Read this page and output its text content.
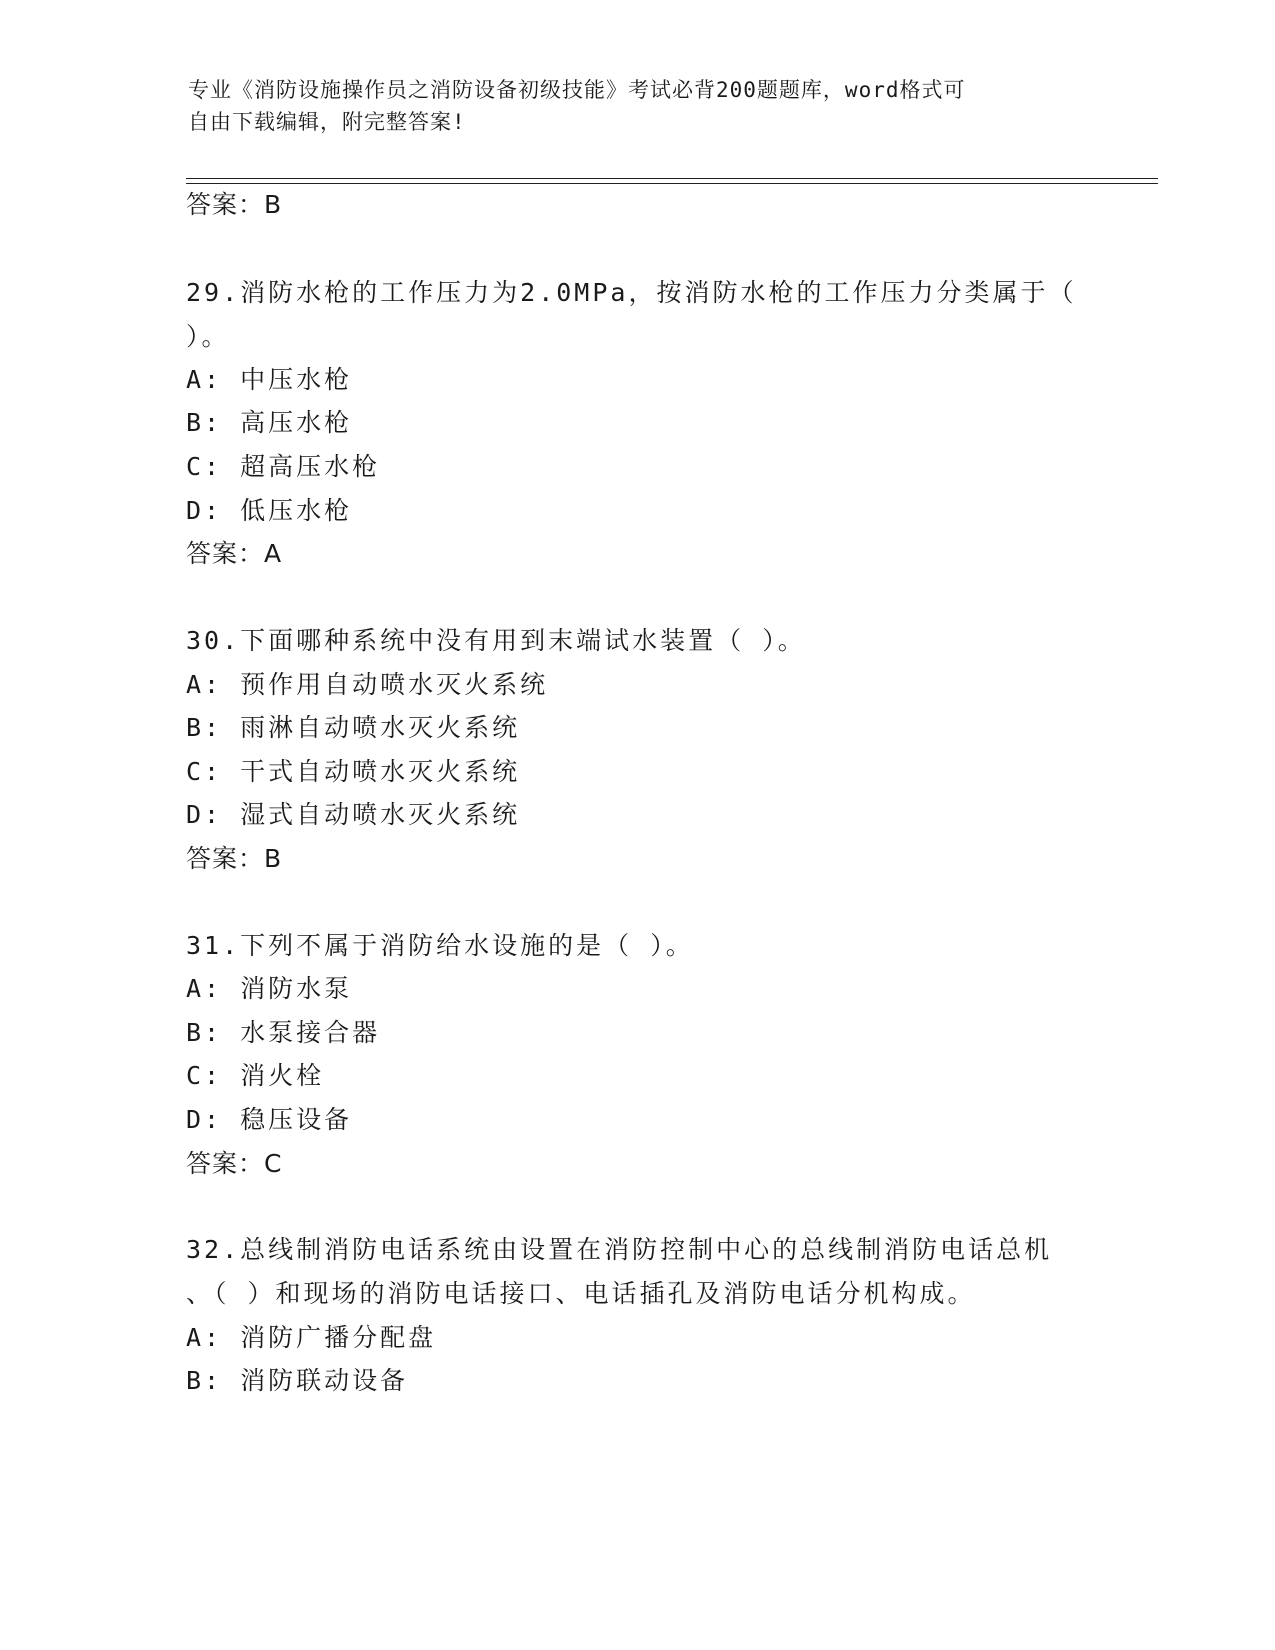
专业《消防设施操作员之消防设备初级技能》考试必背200题题库，word格式可
自由下载编辑，附完整答案!
答案：B
29.消防水枪的工作压力为2.0MPa，按消防水枪的工作压力分类属于（
）。
A: 中压水枪
B: 高压水枪
C: 超高压水枪
D: 低压水枪
答案：A
30.下面哪种系统中没有用到末端试水装置（ ）。
A: 预作用自动喷水灭火系统
B: 雨淋自动喷水灭火系统
C: 干式自动喷水灭火系统
D: 湿式自动喷水灭火系统
答案：B
31.下列不属于消防给水设施的是（ ）。
A: 消防水泵
B: 水泵接合器
C: 消火栓
D: 稳压设备
答案：C
32.总线制消防电话系统由设置在消防控制中心的总线制消防电话总机
、（ ）和现场的消防电话接口、电话插孔及消防电话分机构成。
A: 消防广播分配盘
B: 消防联动设备
